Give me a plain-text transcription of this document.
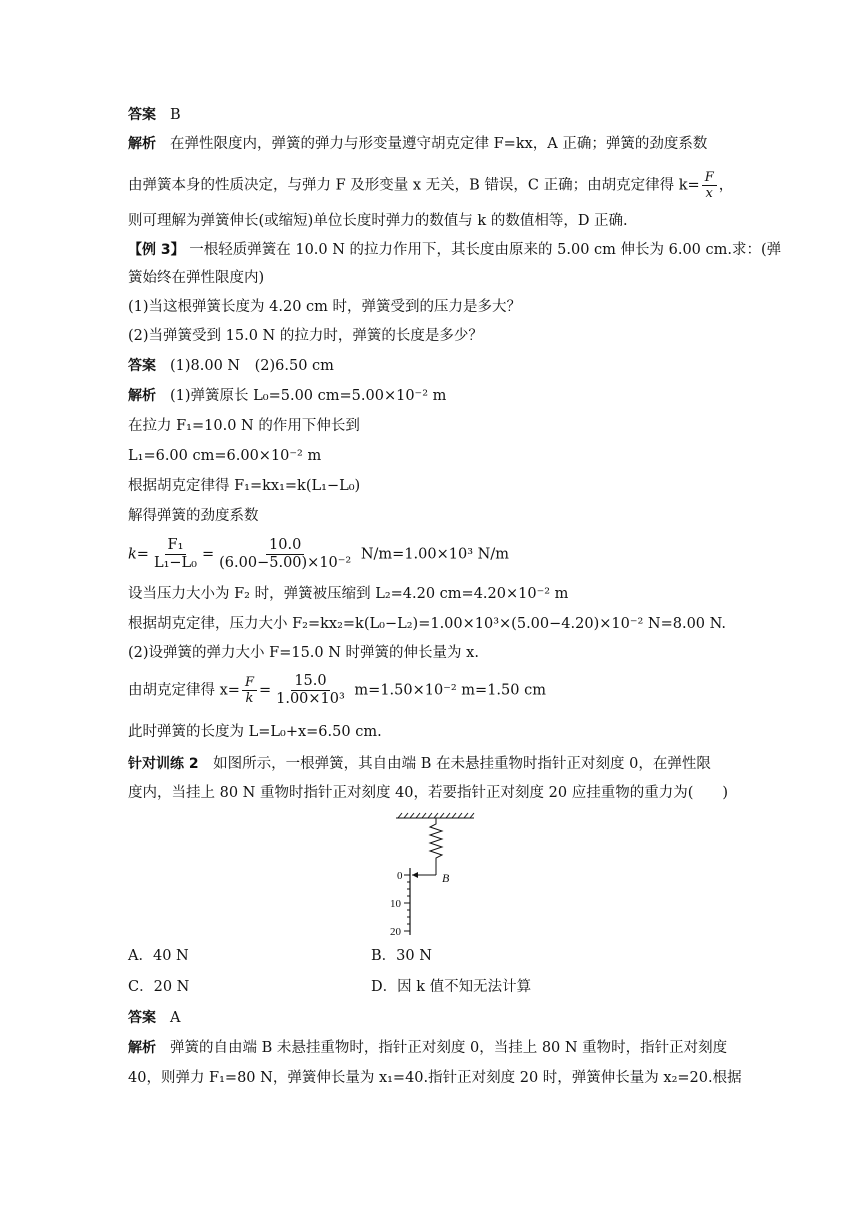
答案 B
解析 在弹性限度内，弹簧的弹力与形变量遵守胡克定律 F=kx，A 正确；弹簧的劲度系数
由弹簧本身的性质决定，与弹力 F 及形变量 x 无关，B 错误，C 正确；由胡克定律得 $k= \frac{F}{x}$ ，
则可理解为弹簧伸长(或缩短)单位长度时弹力的数值与 k 的数值相等，D 正确.
【例 3】 一根轻质弹簧在 10.0 N 的拉力作用下，其长度由原来的 5.00 cm 伸长为 6.00 cm.求：(弹
簧始终在弹性限度内)
(1)当这根弹簧长度为 4.20 cm 时，弹簧受到的压力是多大？
(2)当弹簧受到 15.0 N 的拉力时，弹簧的长度是多少？
答案 (1)8.00 N　(2)6.50 cm
解析 (1)弹簧原长 L₀=5.00 cm=5.00×10⁻² m
在拉力 F₁=10.0 N 的作用下伸长到
L₁=6.00 cm=6.00×10⁻² m
根据胡克定律得 F₁=kx₁=k(L₁−L₀)
解得弹簧的劲度系数
$k= \frac{\text{F₁}}{\text{L₁−L₀}} = \frac{10.0}{\text{(6.00−5.00)×10⁻²}} N/m=1.00\times 10^3$ N/m
设当压力大小为 F₂ 时，弹簧被压缩到 L₂=4.20 cm=4.20×10⁻² m
根据胡克定律，压力大小 F₂=kx₂=k(L₀−L₂)=1.00×10³×(5.00−4.20)×10⁻² N=8.00 N.
(2)设弹簧的弹力大小 F=15.0 N 时弹簧的伸长量为 x.
由胡克定律得 $x= \frac{F}{k} = \frac{15.0}{\text{1.00×10³}} m=1.50\times 10^{-2}$ m=1.50 cm
此时弹簧的长度为 L=L₀+x=6.50 cm.
针对训练 2　如图所示，一根弹簧，其自由端 B 在未悬挂重物时指针正对刻度 0，在弹性限
度内，当挂上 80 N 重物时指针正对刻度 40，若要指针正对刻度 20 应挂重物的重力为(　　)
0
10
20
B
A．40 N	B．30 N
C．20 N	D．因 k 值不知无法计算
答案 A
解析 弹簧的自由端 B 未悬挂重物时，指针正对刻度 0，当挂上 80 N 重物时，指针正对刻度
40，则弹力 F₁=80 N，弹簧伸长量为 x₁=40.指针正对刻度 20 时，弹簧伸长量为 x₂=20.根据
